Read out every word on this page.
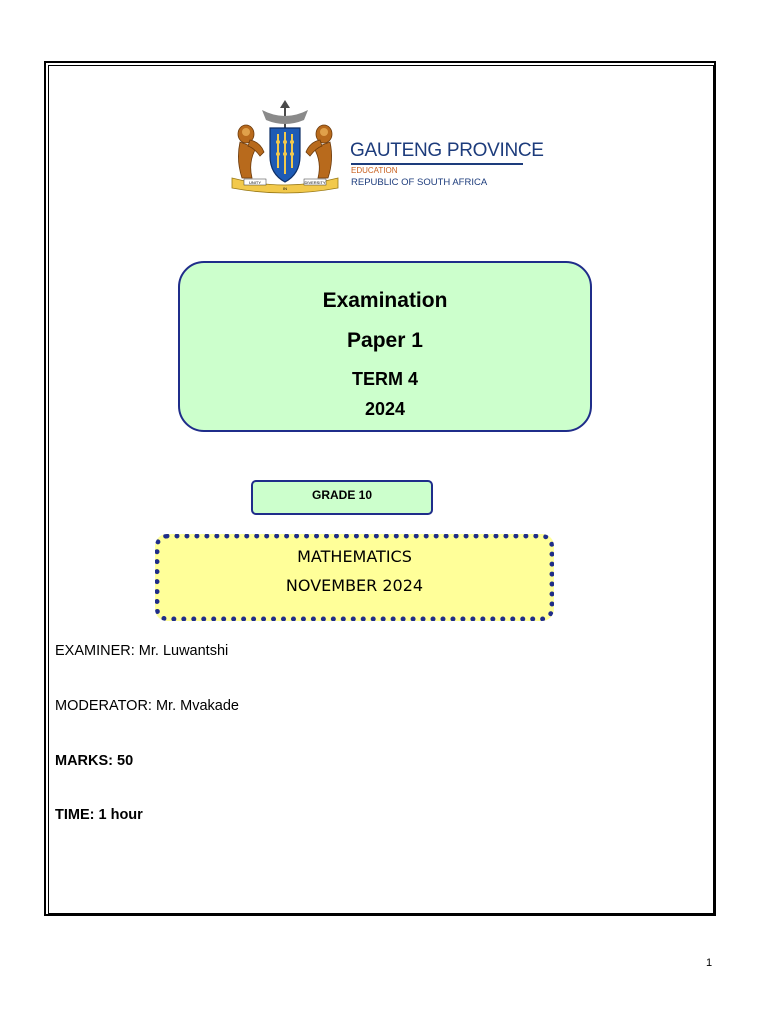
UNITY
IN
DIVERSITY
GAUTENG PROVINCE
EDUCATION
REPUBLIC OF SOUTH AFRICA
Examination
Paper 1
TERM 4
2024
GRADE 10
MATHEMATICS
NOVEMBER 2024
EXAMINER: Mr. Luwantshi
MODERATOR: Mr. Mvakade
MARKS: 50
TIME: 1 hour
1
